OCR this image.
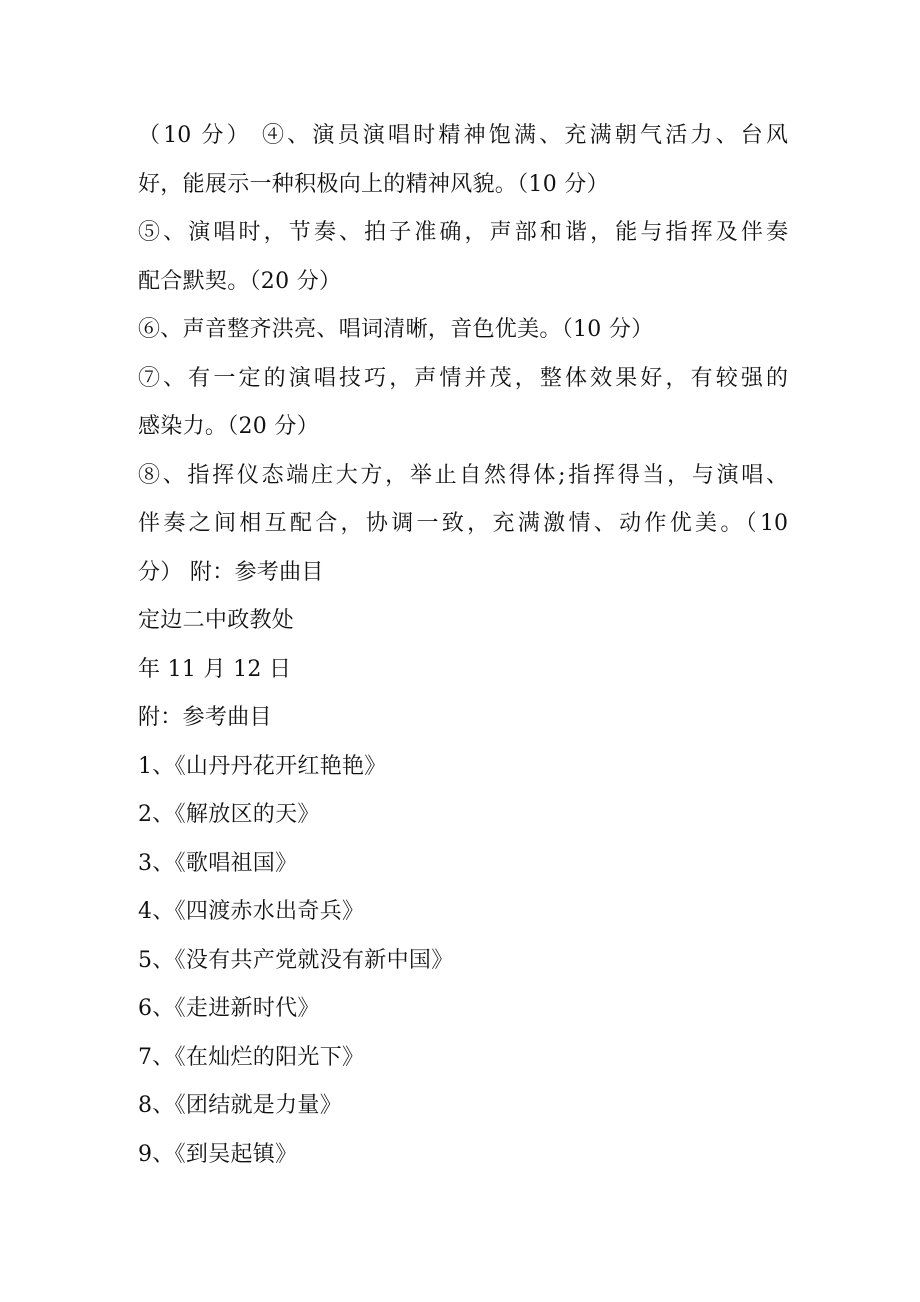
（10 分） ④、演员演唱时精神饱满、充满朝气活力、台风
好，能展示一种积极向上的精神风貌。（10 分）
⑤、演唱时，节奏、拍子准确，声部和谐，能与指挥及伴奏
配合默契。（20 分）
⑥、声音整齐洪亮、唱词清晰，音色优美。（10 分）
⑦、有一定的演唱技巧，声情并茂，整体效果好，有较强的
感染力。（20 分）
⑧、指挥仪态端庄大方，举止自然得体;指挥得当，与演唱、
伴奏之间相互配合，协调一致，充满激情、动作优美。（10
分） 附：参考曲目
定边二中政教处
年 11 月 12 日
附：参考曲目
1、《山丹丹花开红艳艳》
2、《解放区的天》
3、《歌唱祖国》
4、《四渡赤水出奇兵》
5、《没有共产党就没有新中国》
6、《走进新时代》
7、《在灿烂的阳光下》
8、《团结就是力量》
9、《到吴起镇》
